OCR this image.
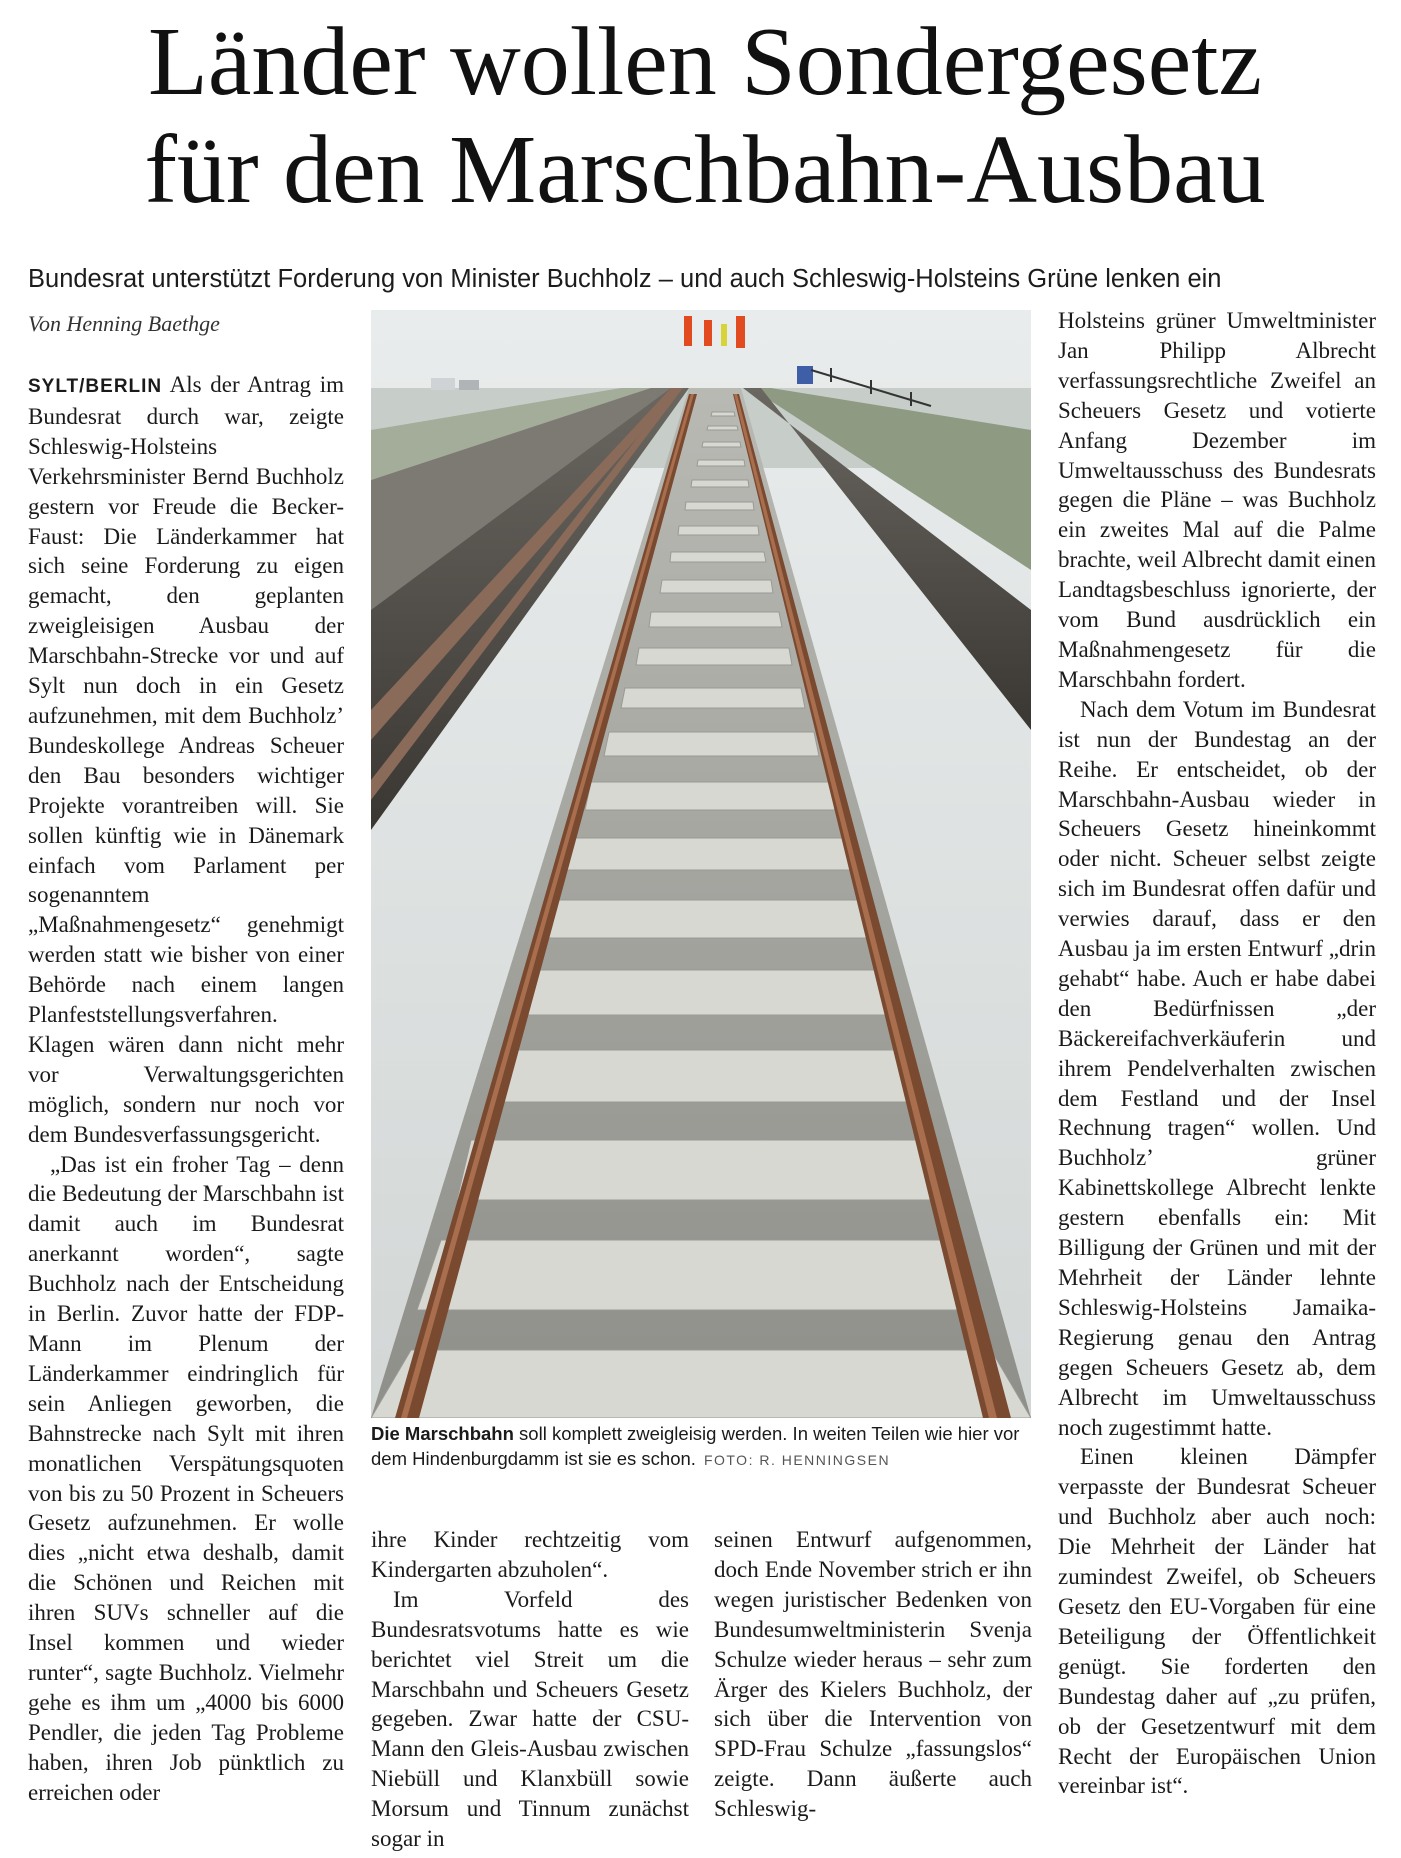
Länder wollen Sondergesetz
für den Marschbahn-Ausbau
Bundesrat unterstützt Forderung von Minister Buchholz – und auch Schleswig-Holsteins Grüne lenken ein
Von Henning Baethge

SYLT/BERLIN Als der Antrag im Bundesrat durch war, zeigte Schleswig-Holsteins Verkehrsminister Bernd Buchholz gestern vor Freude die Becker-Faust: Die Länderkammer hat sich seine Forderung zu eigen gemacht, den geplanten zweigleisigen Ausbau der Marschbahn-Strecke vor und auf Sylt nun doch in ein Gesetz aufzunehmen, mit dem Buchholz’ Bundeskollege Andreas Scheuer den Bau besonders wichtiger Projekte vorantreiben will. Sie sollen künftig wie in Dänemark einfach vom Parlament per sogenanntem „Maßnahmengesetz“ genehmigt werden statt wie bisher von einer Behörde nach einem langen Planfeststellungsverfahren. Klagen wären dann nicht mehr vor Verwaltungsgerichten möglich, sondern nur noch vor dem Bundesverfassungsgericht.

„Das ist ein froher Tag – denn die Bedeutung der Marschbahn ist damit auch im Bundesrat anerkannt worden“, sagte Buchholz nach der Entscheidung in Berlin. Zuvor hatte der FDP-Mann im Plenum der Länderkammer eindringlich für sein Anliegen geworben, die Bahnstrecke nach Sylt mit ihren monatlichen Verspätungsquoten von bis zu 50 Prozent in Scheuers Gesetz aufzunehmen. Er wolle dies „nicht etwa deshalb, damit die Schönen und Reichen mit ihren SUVs schneller auf die Insel kommen und wieder runter“, sagte Buchholz. Vielmehr gehe es ihm um „4000 bis 6000 Pendler, die jeden Tag Probleme haben, ihren Job pünktlich zu erreichen oder

Die Marschbahn soll komplett zweigleisig werden. In weiten Teilen wie hier vor dem Hindenburgdamm ist sie es schon. FOTO: R. HENNINGSEN

ihre Kinder rechtzeitig vom Kindergarten abzuholen“.

Im Vorfeld des Bundesratsvotums hatte es wie berichtet viel Streit um die Marschbahn und Scheuers Gesetz gegeben. Zwar hatte der CSU-Mann den Gleis-Ausbau zwischen Niebüll und Klanxbüll sowie Morsum und Tinnum zunächst sogar in

seinen Entwurf aufgenommen, doch Ende November strich er ihn wegen juristischer Bedenken von Bundesumweltministerin Svenja Schulze wieder heraus – sehr zum Ärger des Kielers Buchholz, der sich über die Intervention von SPD-Frau Schulze „fassungslos“ zeigte. Dann äußerte auch Schleswig-

Holsteins grüner Umweltminister Jan Philipp Albrecht verfassungsrechtliche Zweifel an Scheuers Gesetz und votierte Anfang Dezember im Umweltausschuss des Bundesrats gegen die Pläne – was Buchholz ein zweites Mal auf die Palme brachte, weil Albrecht damit einen Landtagsbeschluss ignorierte, der vom Bund ausdrücklich ein Maßnahmengesetz für die Marschbahn fordert.

Nach dem Votum im Bundesrat ist nun der Bundestag an der Reihe. Er entscheidet, ob der Marschbahn-Ausbau wieder in Scheuers Gesetz hineinkommt oder nicht. Scheuer selbst zeigte sich im Bundesrat offen dafür und verwies darauf, dass er den Ausbau ja im ersten Entwurf „drin gehabt“ habe. Auch er habe dabei den Bedürfnissen „der Bäckereifachverkäuferin und ihrem Pendelverhalten zwischen dem Festland und der Insel Rechnung tragen“ wollen. Und Buchholz’ grüner Kabinettskollege Albrecht lenkte gestern ebenfalls ein: Mit Billigung der Grünen und mit der Mehrheit der Länder lehnte Schleswig-Holsteins Jamaika-Regierung genau den Antrag gegen Scheuers Gesetz ab, dem Albrecht im Umweltausschuss noch zugestimmt hatte.

Einen kleinen Dämpfer verpasste der Bundesrat Scheuer und Buchholz aber auch noch: Die Mehrheit der Länder hat zumindest Zweifel, ob Scheuers Gesetz den EU-Vorgaben für eine Beteiligung der Öffentlichkeit genügt. Sie forderten den Bundestag daher auf „zu prüfen, ob der Gesetzentwurf mit dem Recht der Europäischen Union vereinbar ist“.
